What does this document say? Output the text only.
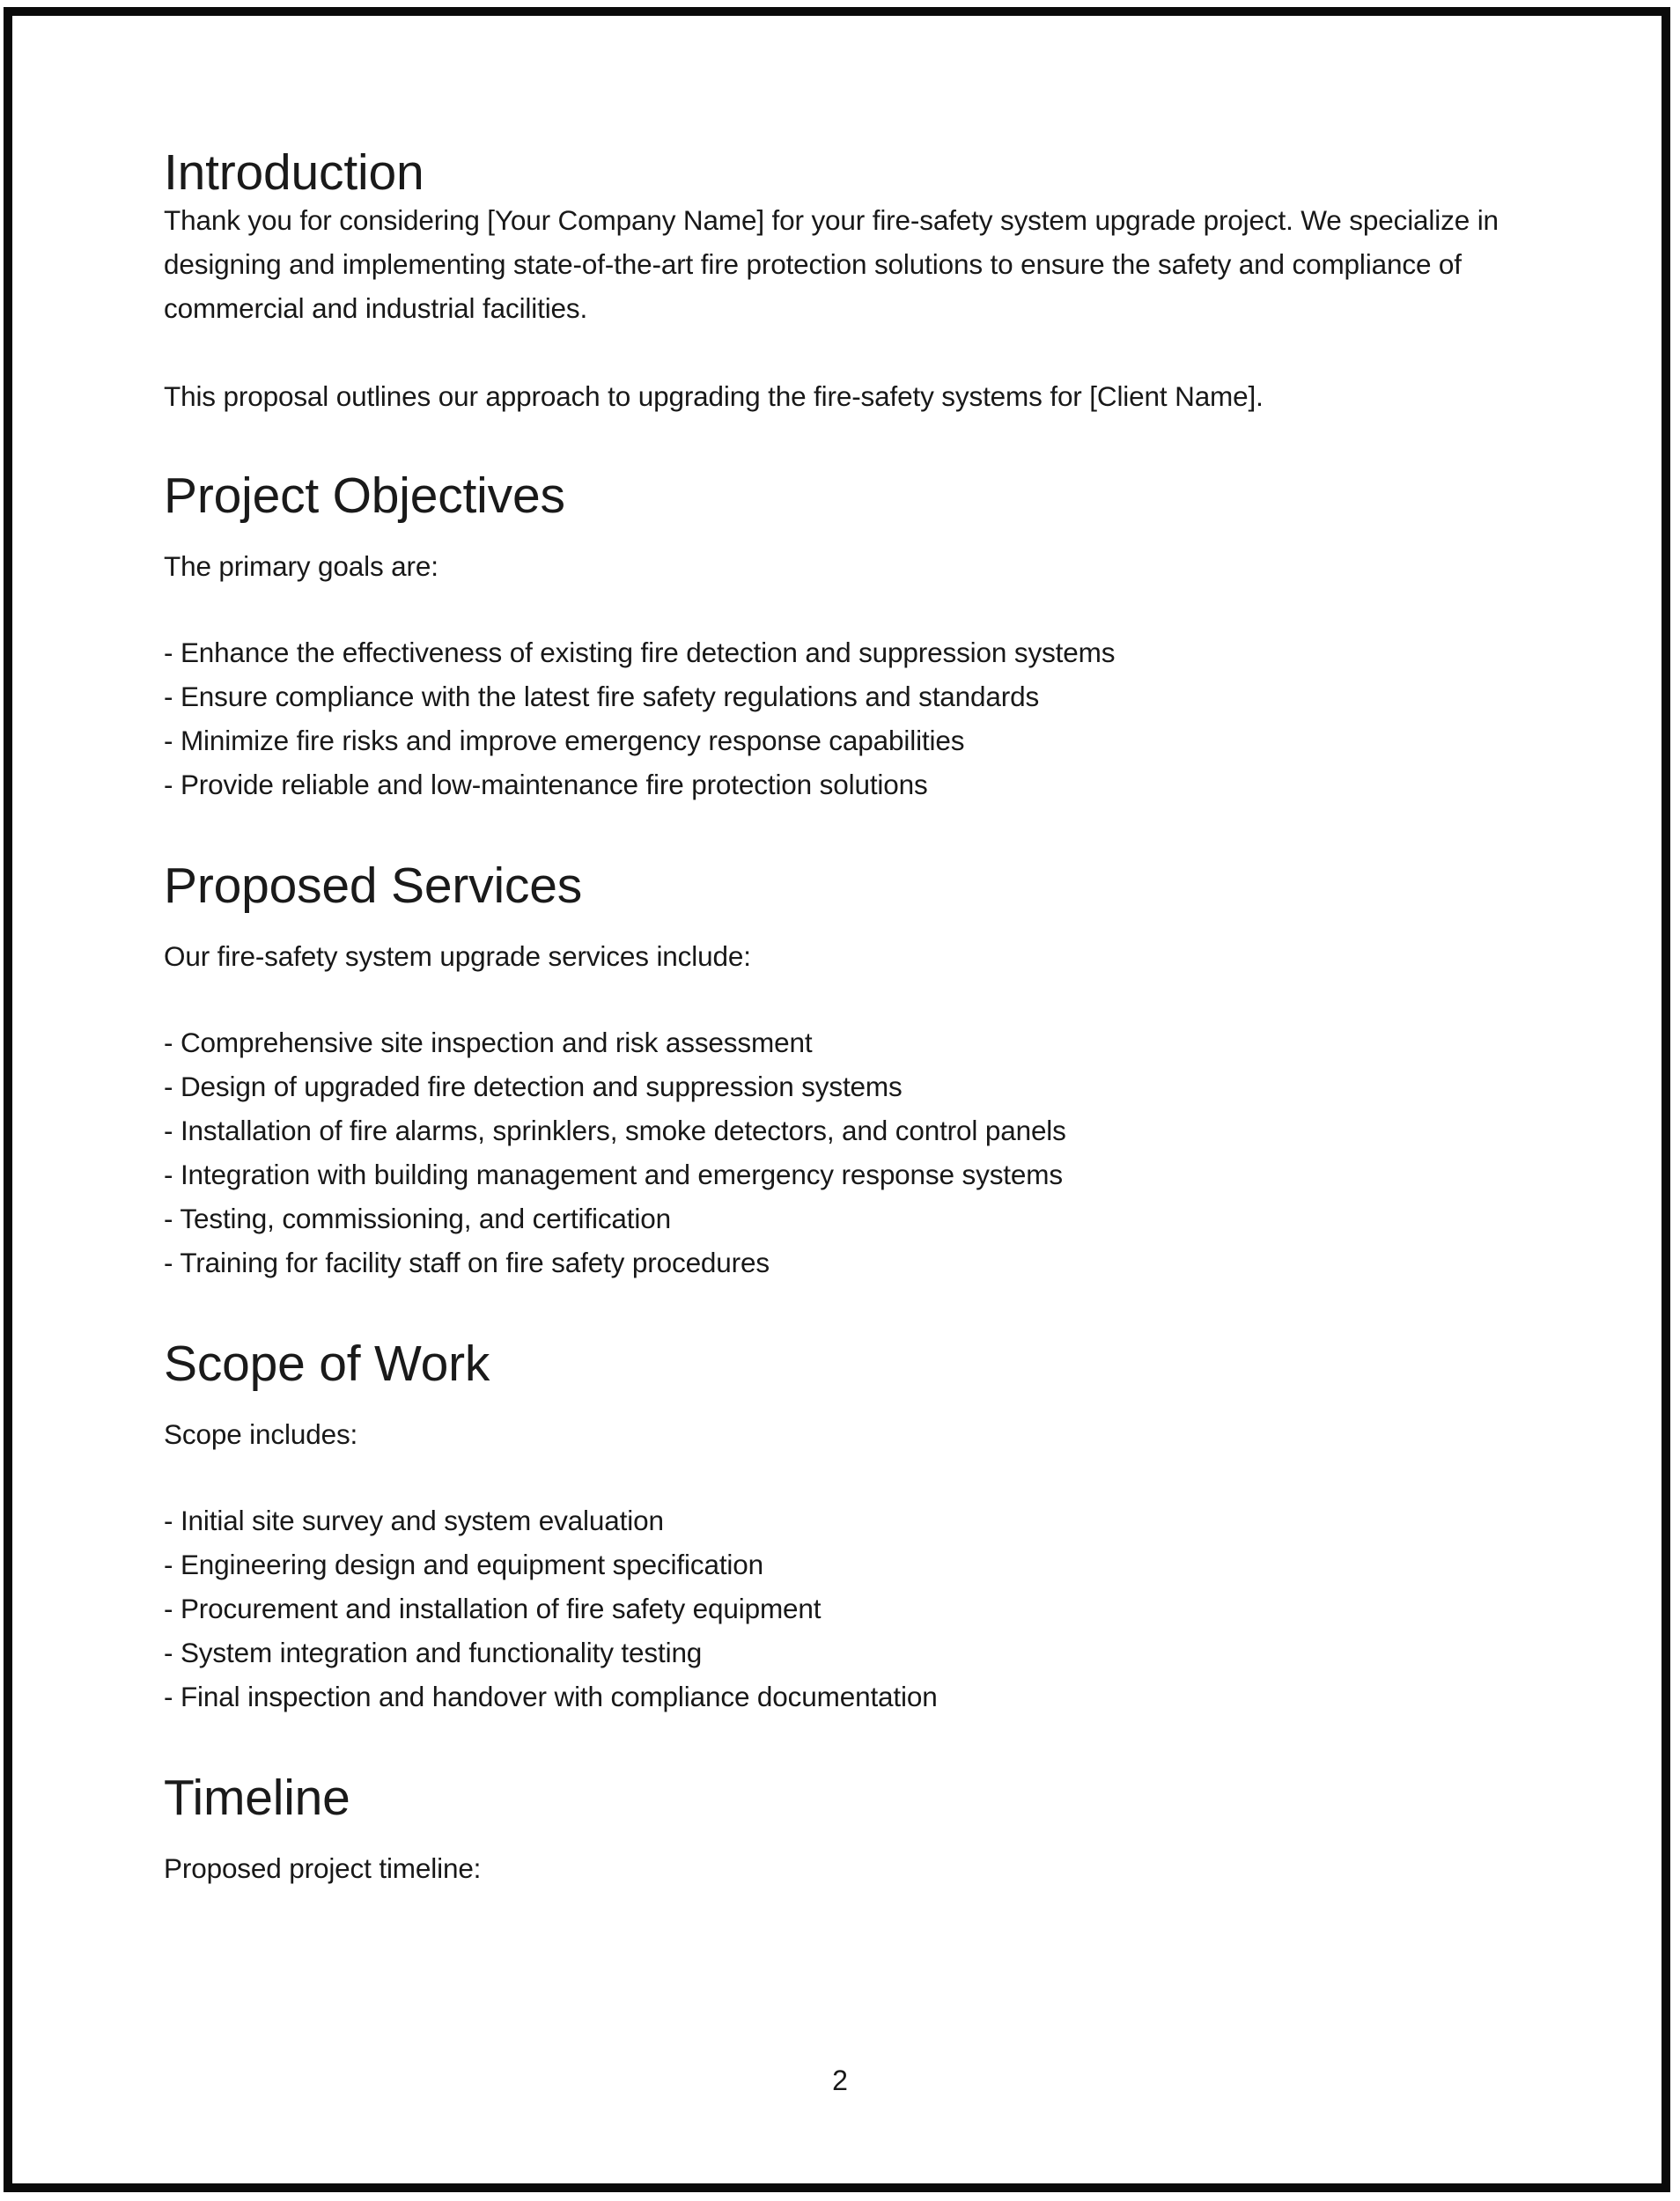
Introduction

Thank you for considering [Your Company Name] for your fire-safety system upgrade project. We specialize in designing and implementing state-of-the-art fire protection solutions to ensure the safety and compliance of commercial and industrial facilities.

This proposal outlines our approach to upgrading the fire-safety systems for [Client Name].

Project Objectives

The primary goals are:

- Enhance the effectiveness of existing fire detection and suppression systems
- Ensure compliance with the latest fire safety regulations and standards
- Minimize fire risks and improve emergency response capabilities
- Provide reliable and low-maintenance fire protection solutions
Proposed Services

Our fire-safety system upgrade services include:

- Comprehensive site inspection and risk assessment
- Design of upgraded fire detection and suppression systems
- Installation of fire alarms, sprinklers, smoke detectors, and control panels
- Integration with building management and emergency response systems
- Testing, commissioning, and certification
- Training for facility staff on fire safety procedures
Scope of Work

Scope includes:

- Initial site survey and system evaluation
- Engineering design and equipment specification
- Procurement and installation of fire safety equipment
- System integration and functionality testing
- Final inspection and handover with compliance documentation
Timeline

Proposed project timeline:

2
